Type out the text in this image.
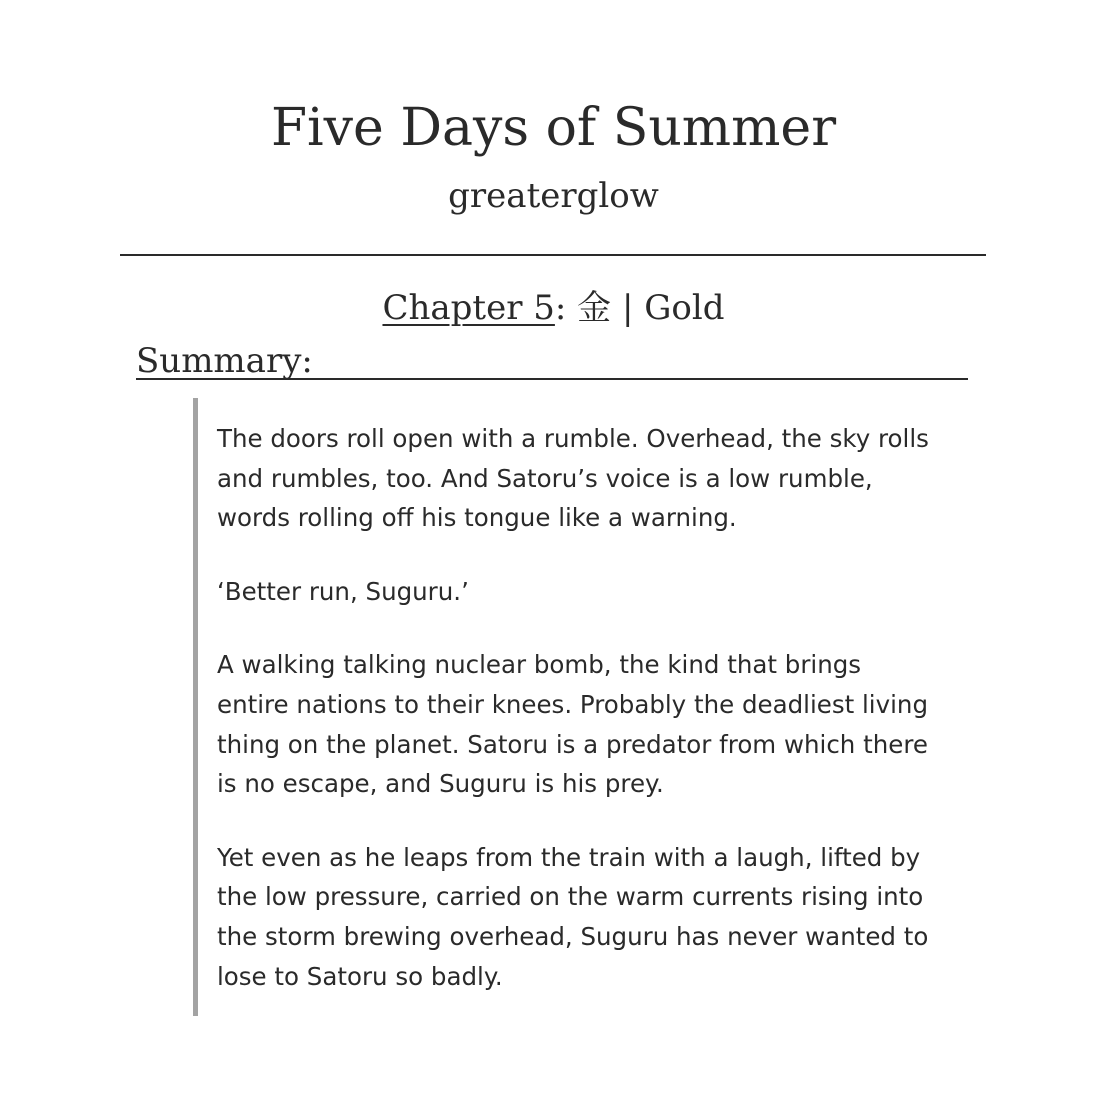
Five Days of Summer
greaterglow
Chapter 5: 金 | Gold
Summary:

The doors roll open with a rumble. Overhead, the sky rolls and rumbles, too. And Satoru’s voice is a low rumble, words rolling off his tongue like a warning.

‘Better run, Suguru.’

A walking talking nuclear bomb, the kind that brings entire nations to their knees. Probably the deadliest living thing on the planet. Satoru is a predator from which there is no escape, and Suguru is his prey.

Yet even as he leaps from the train with a laugh, lifted by the low pressure, carried on the warm currents rising into the storm brewing overhead, Suguru has never wanted to lose to Satoru so badly.
